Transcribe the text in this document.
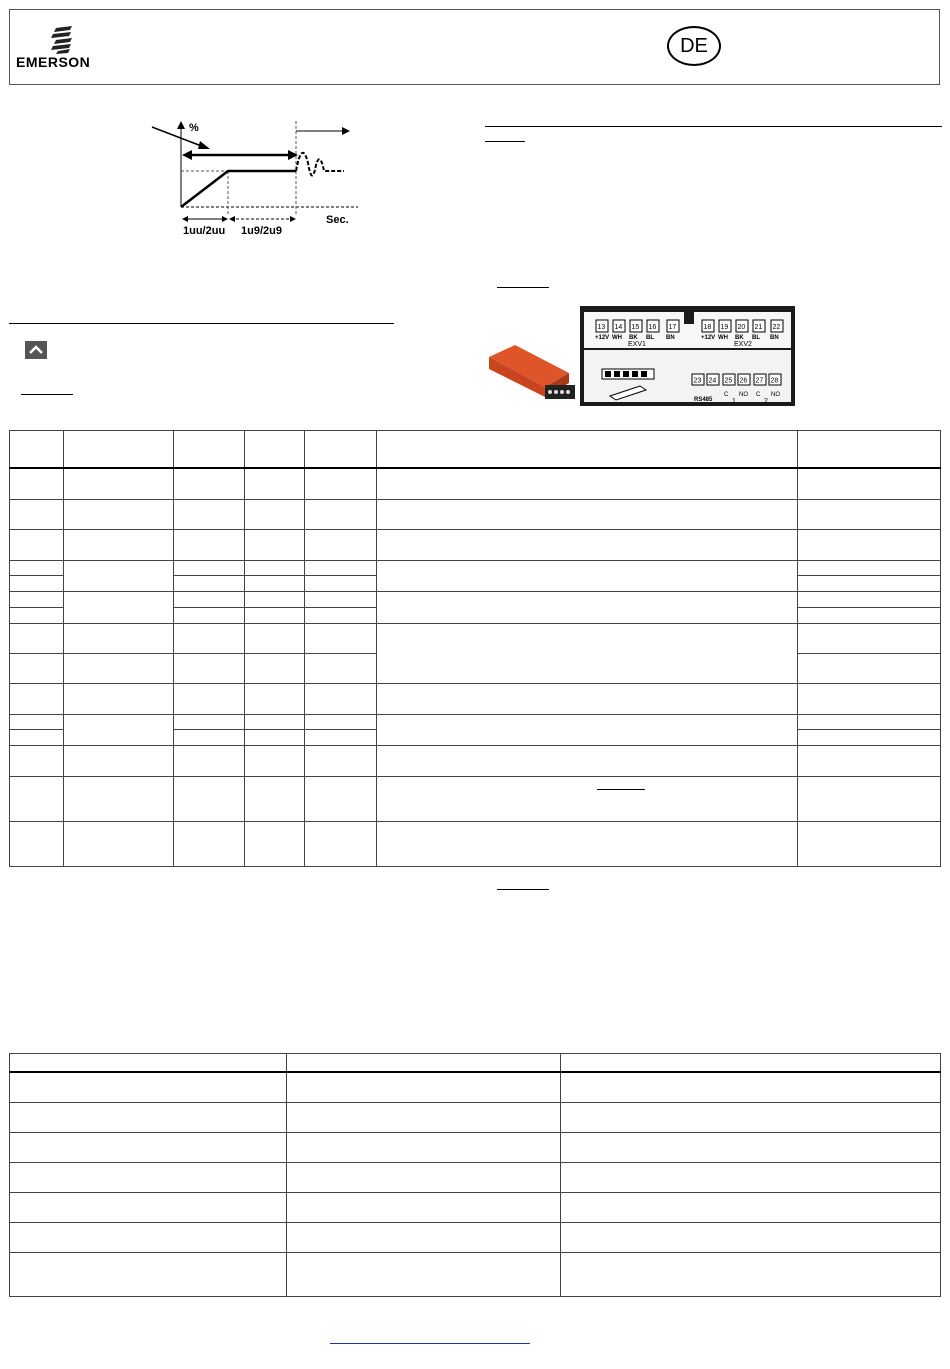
EMERSON
DE
%
Sec.
1uu/2uu 1u9/2u9
13
+12V
14
WH
15
BK
16
BL
17
BN
18
+12V
19
WH
20
BK
21
BL
22
BN
EXV1	EXV2
23 24 25 26 27 28
RS485
C NO C NO
1	2
